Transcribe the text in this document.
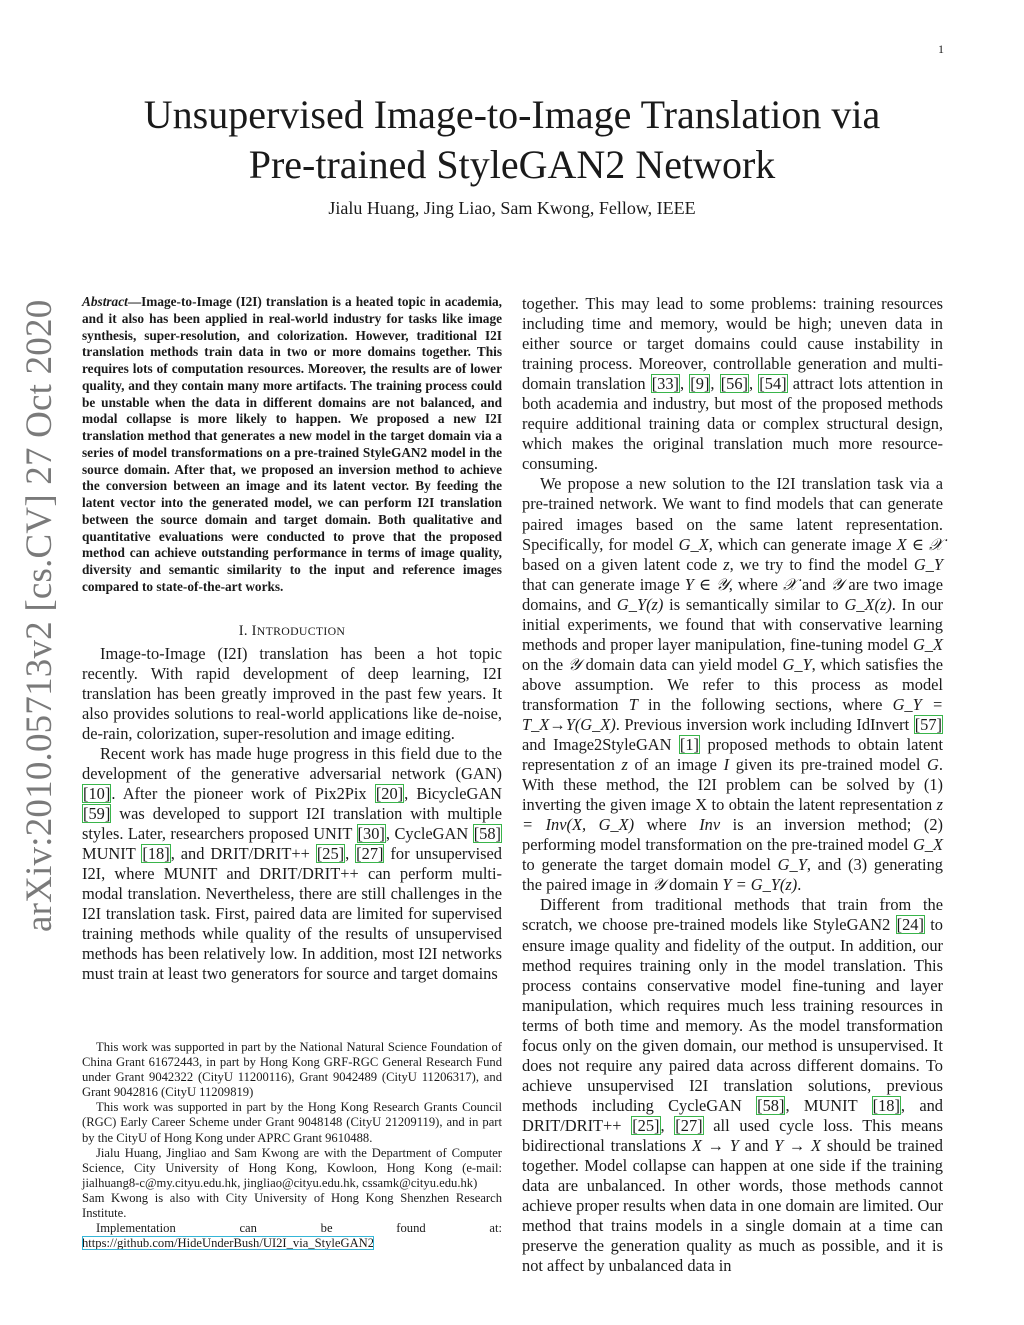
1
arXiv:2010.05713v2 [cs.CV] 27 Oct 2020
Unsupervised Image-to-Image Translation via
Pre-trained StyleGAN2 Network
Jialu Huang, Jing Liao, Sam Kwong, Fellow, IEEE
Abstract—Image-to-Image (I2I) translation is a heated topic in academia, and it also has been applied in real-world industry for tasks like image synthesis, super-resolution, and colorization. However, traditional I2I translation methods train data in two or more domains together. This requires lots of computation resources. Moreover, the results are of lower quality, and they contain many more artifacts. The training process could be unstable when the data in different domains are not balanced, and modal collapse is more likely to happen. We proposed a new I2I translation method that generates a new model in the target domain via a series of model transformations on a pre-trained StyleGAN2 model in the source domain. After that, we proposed an inversion method to achieve the conversion between an image and its latent vector. By feeding the latent vector into the generated model, we can perform I2I translation between the source domain and target domain. Both qualitative and quantitative evaluations were conducted to prove that the proposed method can achieve outstanding performance in terms of image quality, diversity and semantic similarity to the input and reference images compared to state-of-the-art works.
I. INTRODUCTION

Image-to-Image (I2I) translation has been a hot topic recently. With rapid development of deep learning, I2I translation has been greatly improved in the past few years. It also provides solutions to real-world applications like de-noise, de-rain, colorization, super-resolution and image editing.

Recent work has made huge progress in this field due to the development of the generative adversarial network (GAN) [10]. After the pioneer work of Pix2Pix [20], BicycleGAN [59] was developed to support I2I translation with multiple styles. Later, researchers proposed UNIT [30], CycleGAN [58] MUNIT [18], and DRIT/DRIT++ [25], [27] for unsupervised I2I, where MUNIT and DRIT/DRIT++ can perform multi-modal translation. Nevertheless, there are still challenges in the I2I translation task. First, paired data are limited for supervised training methods while quality of the results of unsupervised methods has been relatively low. In addition, most I2I networks must train at least two generators for source and target domains

This work was supported in part by the National Natural Science Foundation of China Grant 61672443, in part by Hong Kong GRF-RGC General Research Fund under Grant 9042322 (CityU 11200116), Grant 9042489 (CityU 11206317), and Grant 9042816 (CityU 11209819)

This work was supported in part by the Hong Kong Research Grants Council (RGC) Early Career Scheme under Grant 9048148 (CityU 21209119), and in part by the CityU of Hong Kong under APRC Grant 9610488.

Jialu Huang, Jingliao and Sam Kwong are with the Department of Computer Science, City University of Hong Kong, Kowloon, Hong Kong (e-mail: jialhuang8-c@my.cityu.edu.hk, jingliao@cityu.edu.hk, cssamk@cityu.edu.hk)

Sam Kwong is also with City University of Hong Kong Shenzhen Research Institute.

Implementation can be found at: https://github.com/HideUnderBush/UI2I_via_StyleGAN2

together. This may lead to some problems: training resources including time and memory, would be high; uneven data in either source or target domains could cause instability in training process. Moreover, controllable generation and multi-domain translation [33], [9], [56], [54] attract lots attention in both academia and industry, but most of the proposed methods require additional training data or complex structural design, which makes the original translation much more resource-consuming.

We propose a new solution to the I2I translation task via a pre-trained network. We want to find models that can generate paired images based on the same latent representation. Specifically, for model G_X, which can generate image X ∈ 𝒳 based on a given latent code z, we try to find the model G_Y that can generate image Y ∈ 𝒴, where 𝒳 and 𝒴 are two image domains, and G_Y(z) is semantically similar to G_X(z). In our initial experiments, we found that with conservative learning methods and proper layer manipulation, fine-tuning model G_X on the 𝒴 domain data can yield model G_Y, which satisfies the above assumption. We refer to this process as model transformation T in the following sections, where G_Y = T_X→Y(G_X). Previous inversion work including IdInvert [57] and Image2StyleGAN [1] proposed methods to obtain latent representation z of an image I given its pre-trained model G. With these method, the I2I problem can be solved by (1) inverting the given image X to obtain the latent representation z = Inv(X, G_X) where Inv is an inversion method; (2) performing model transformation on the pre-trained model G_X to generate the target domain model G_Y, and (3) generating the paired image in 𝒴 domain Y = G_Y(z).

Different from traditional methods that train from the scratch, we choose pre-trained models like StyleGAN2 [24] to ensure image quality and fidelity of the output. In addition, our method requires training only in the model translation. This process contains conservative model fine-tuning and layer manipulation, which requires much less training resources in terms of both time and memory. As the model transformation focus only on the given domain, our method is unsupervised. It does not require any paired data across different domains. To achieve unsupervised I2I translation solutions, previous methods including CycleGAN [58], MUNIT [18], and DRIT/DRIT++ [25], [27] all used cycle loss. This means bidirectional translations X → Y and Y → X should be trained together. Model collapse can happen at one side if the training data are unbalanced. In other words, those methods cannot achieve proper results when data in one domain are limited. Our method that trains models in a single domain at a time can preserve the generation quality as much as possible, and it is not affect by unbalanced data in
